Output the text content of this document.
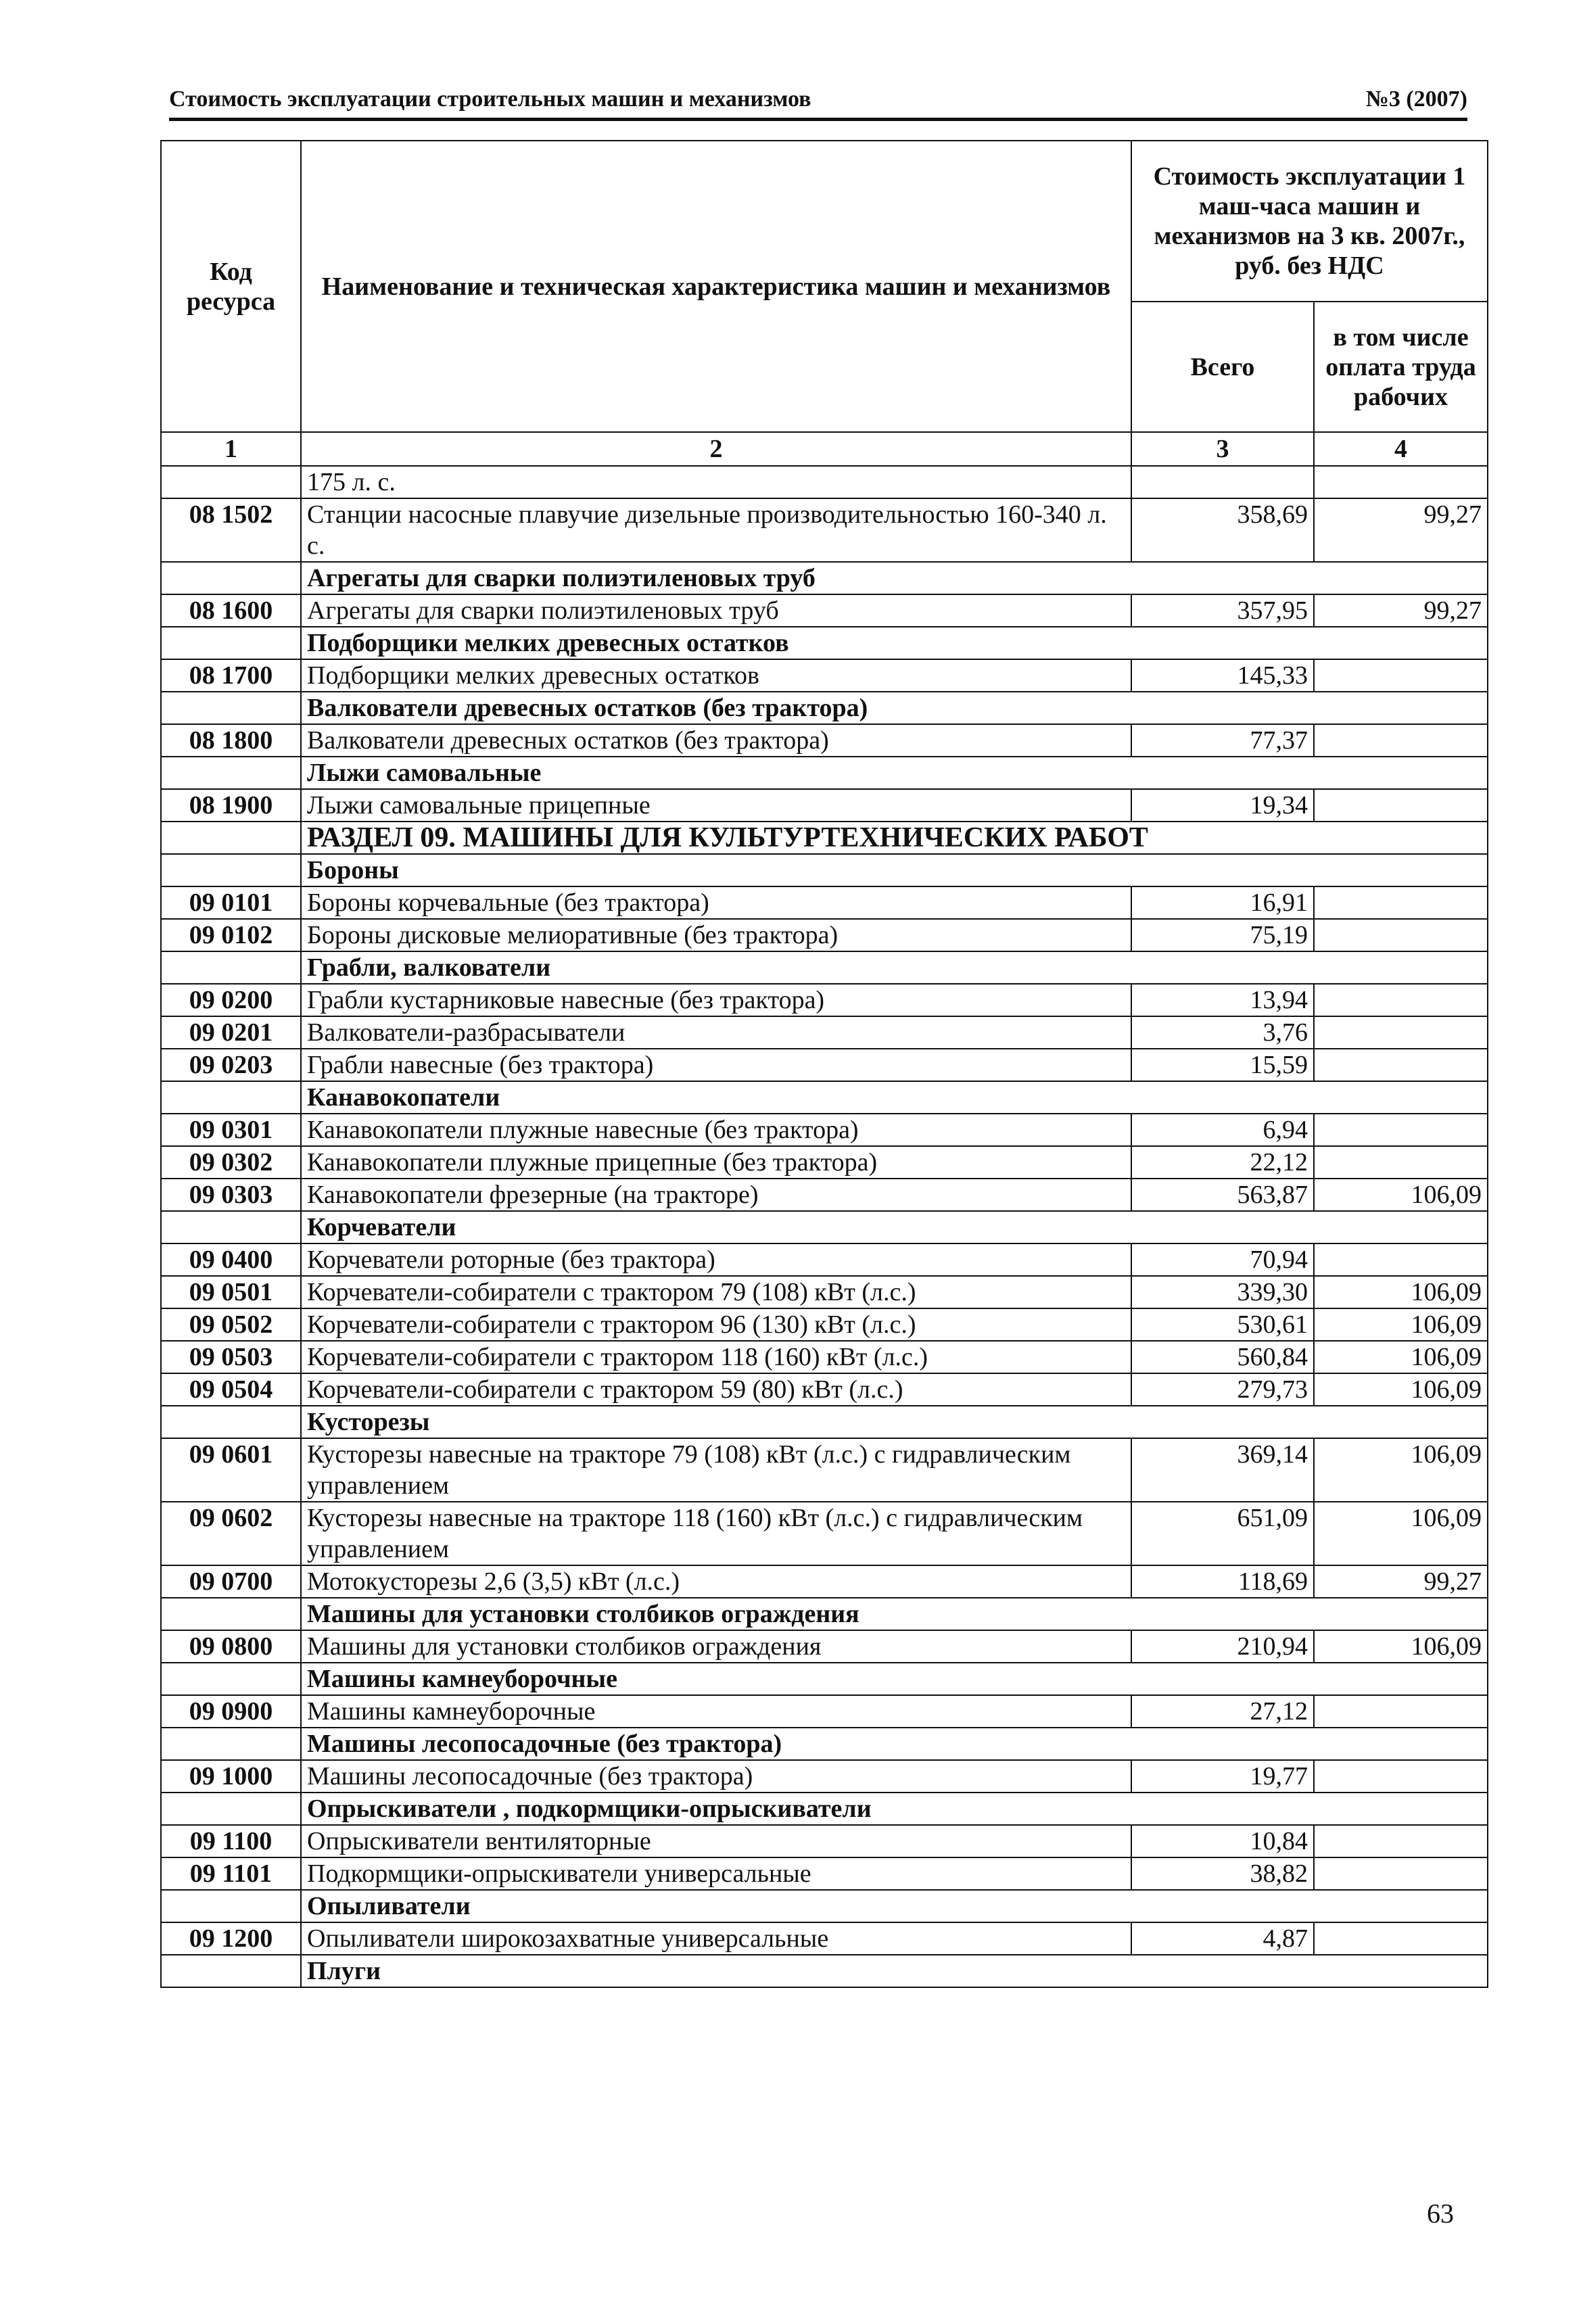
Стоимость эксплуатации строительных машин и механизмов	№3 (2007)
Код ресурса	Наименование и техническая характеристика машин и механизмов	Стоимость эксплуатации 1 маш-часа машин и механизмов на 3 кв. 2007г., руб. без НДС	
		Всего	в том числе оплата труда рабочих
1	2	3	4
	175 л. с.		
08 1502	Станции насосные плавучие дизельные производительностью 160-340 л. с.	358,69	99,27
	Агрегаты для сварки полиэтиленовых труб		
08 1600	Агрегаты для сварки полиэтиленовых труб	357,95	99,27
	Подборщики мелких древесных остатков		
08 1700	Подборщики мелких древесных остатков	145,33	
	Валкователи древесных остатков (без трактора)		
08 1800	Валкователи древесных остатков (без трактора)	77,37	
	Лыжи самовальные		
08 1900	Лыжи самовальные прицепные	19,34	
	РАЗДЕЛ 09. МАШИНЫ ДЛЯ КУЛЬТУРТЕХНИЧЕСКИХ РАБОТ		
	Бороны		
09 0101	Бороны корчевальные (без трактора)	16,91	
09 0102	Бороны дисковые мелиоративные (без трактора)	75,19	
	Грабли, валкователи		
09 0200	Грабли кустарниковые навесные (без трактора)	13,94	
09 0201	Валкователи-разбрасыватели	3,76	
09 0203	Грабли навесные (без трактора)	15,59	
	Канавокопатели		
09 0301	Канавокопатели плужные навесные (без трактора)	6,94	
09 0302	Канавокопатели плужные прицепные (без трактора)	22,12	
09 0303	Канавокопатели фрезерные (на тракторе)	563,87	106,09
	Корчеватели		
09 0400	Корчеватели роторные (без трактора)	70,94	
09 0501	Корчеватели-собиратели с трактором 79 (108) кВт (л.с.)	339,30	106,09
09 0502	Корчеватели-собиратели с трактором 96 (130) кВт (л.с.)	530,61	106,09
09 0503	Корчеватели-собиратели с трактором 118 (160) кВт (л.с.)	560,84	106,09
09 0504	Корчеватели-собиратели с трактором 59 (80) кВт (л.с.)	279,73	106,09
	Кусторезы		
09 0601	Кусторезы навесные на тракторе 79 (108) кВт (л.с.) с гидравлическим управлением	369,14	106,09
09 0602	Кусторезы навесные на тракторе 118 (160) кВт (л.с.) с гидравлическим управлением	651,09	106,09
09 0700	Мотокусторезы 2,6 (3,5) кВт (л.с.)	118,69	99,27
	Машины для установки столбиков ограждения		
09 0800	Машины для установки столбиков ограждения	210,94	106,09
	Машины камнеуборочные		
09 0900	Машины камнеуборочные	27,12	
	Машины лесопосадочные (без трактора)		
09 1000	Машины лесопосадочные (без трактора)	19,77	
	Опрыскиватели , подкормщики-опрыскиватели		
09 1100	Опрыскиватели вентиляторные	10,84	
09 1101	Подкормщики-опрыскиватели универсальные	38,82	
	Опыливатели		
09 1200	Опыливатели широкозахватные универсальные	4,87	
	Плуги		
63
